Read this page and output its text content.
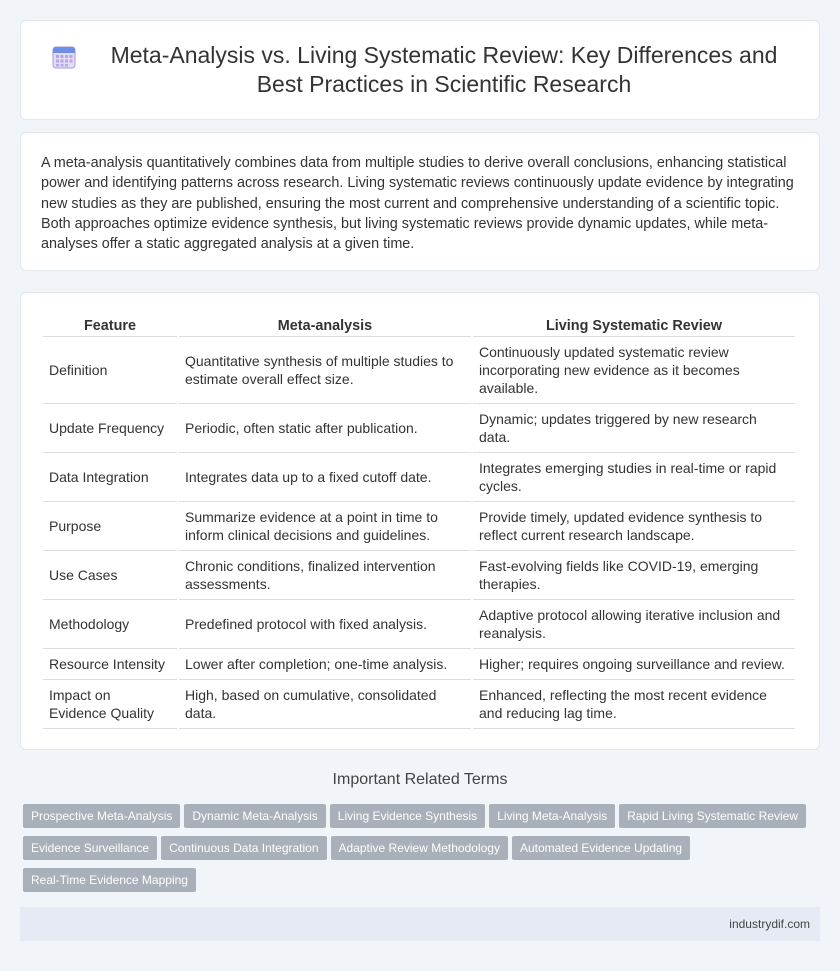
Meta-Analysis vs. Living Systematic Review: Key Differences and Best Practices in Scientific Research

A meta-analysis quantitatively combines data from multiple studies to derive overall conclusions, enhancing statistical power and identifying patterns across research. Living systematic reviews continuously update evidence by integrating new studies as they are published, ensuring the most current and comprehensive understanding of a scientific topic. Both approaches optimize evidence synthesis, but living systematic reviews provide dynamic updates, while meta-analyses offer a static aggregated analysis at a given time.

Feature	Meta-analysis	Living Systematic Review
Definition	Quantitative synthesis of multiple studies to estimate overall effect size.	Continuously updated systematic review incorporating new evidence as it becomes available.
Update Frequency	Periodic, often static after publication.	Dynamic; updates triggered by new research data.
Data Integration	Integrates data up to a fixed cutoff date.	Integrates emerging studies in real-time or rapid cycles.
Purpose	Summarize evidence at a point in time to inform clinical decisions and guidelines.	Provide timely, updated evidence synthesis to reflect current research landscape.
Use Cases	Chronic conditions, finalized intervention assessments.	Fast-evolving fields like COVID-19, emerging therapies.
Methodology	Predefined protocol with fixed analysis.	Adaptive protocol allowing iterative inclusion and reanalysis.
Resource Intensity	Lower after completion; one-time analysis.	Higher; requires ongoing surveillance and review.
Impact on Evidence Quality	High, based on cumulative, consolidated data.	Enhanced, reflecting the most recent evidence and reducing lag time.
Important Related Terms
Prospective Meta-Analysis Dynamic Meta-Analysis Living Evidence Synthesis Living Meta-Analysis Rapid Living Systematic Review
Evidence Surveillance Continuous Data Integration Adaptive Review Methodology Automated Evidence Updating
Real-Time Evidence Mapping
industrydif.com
